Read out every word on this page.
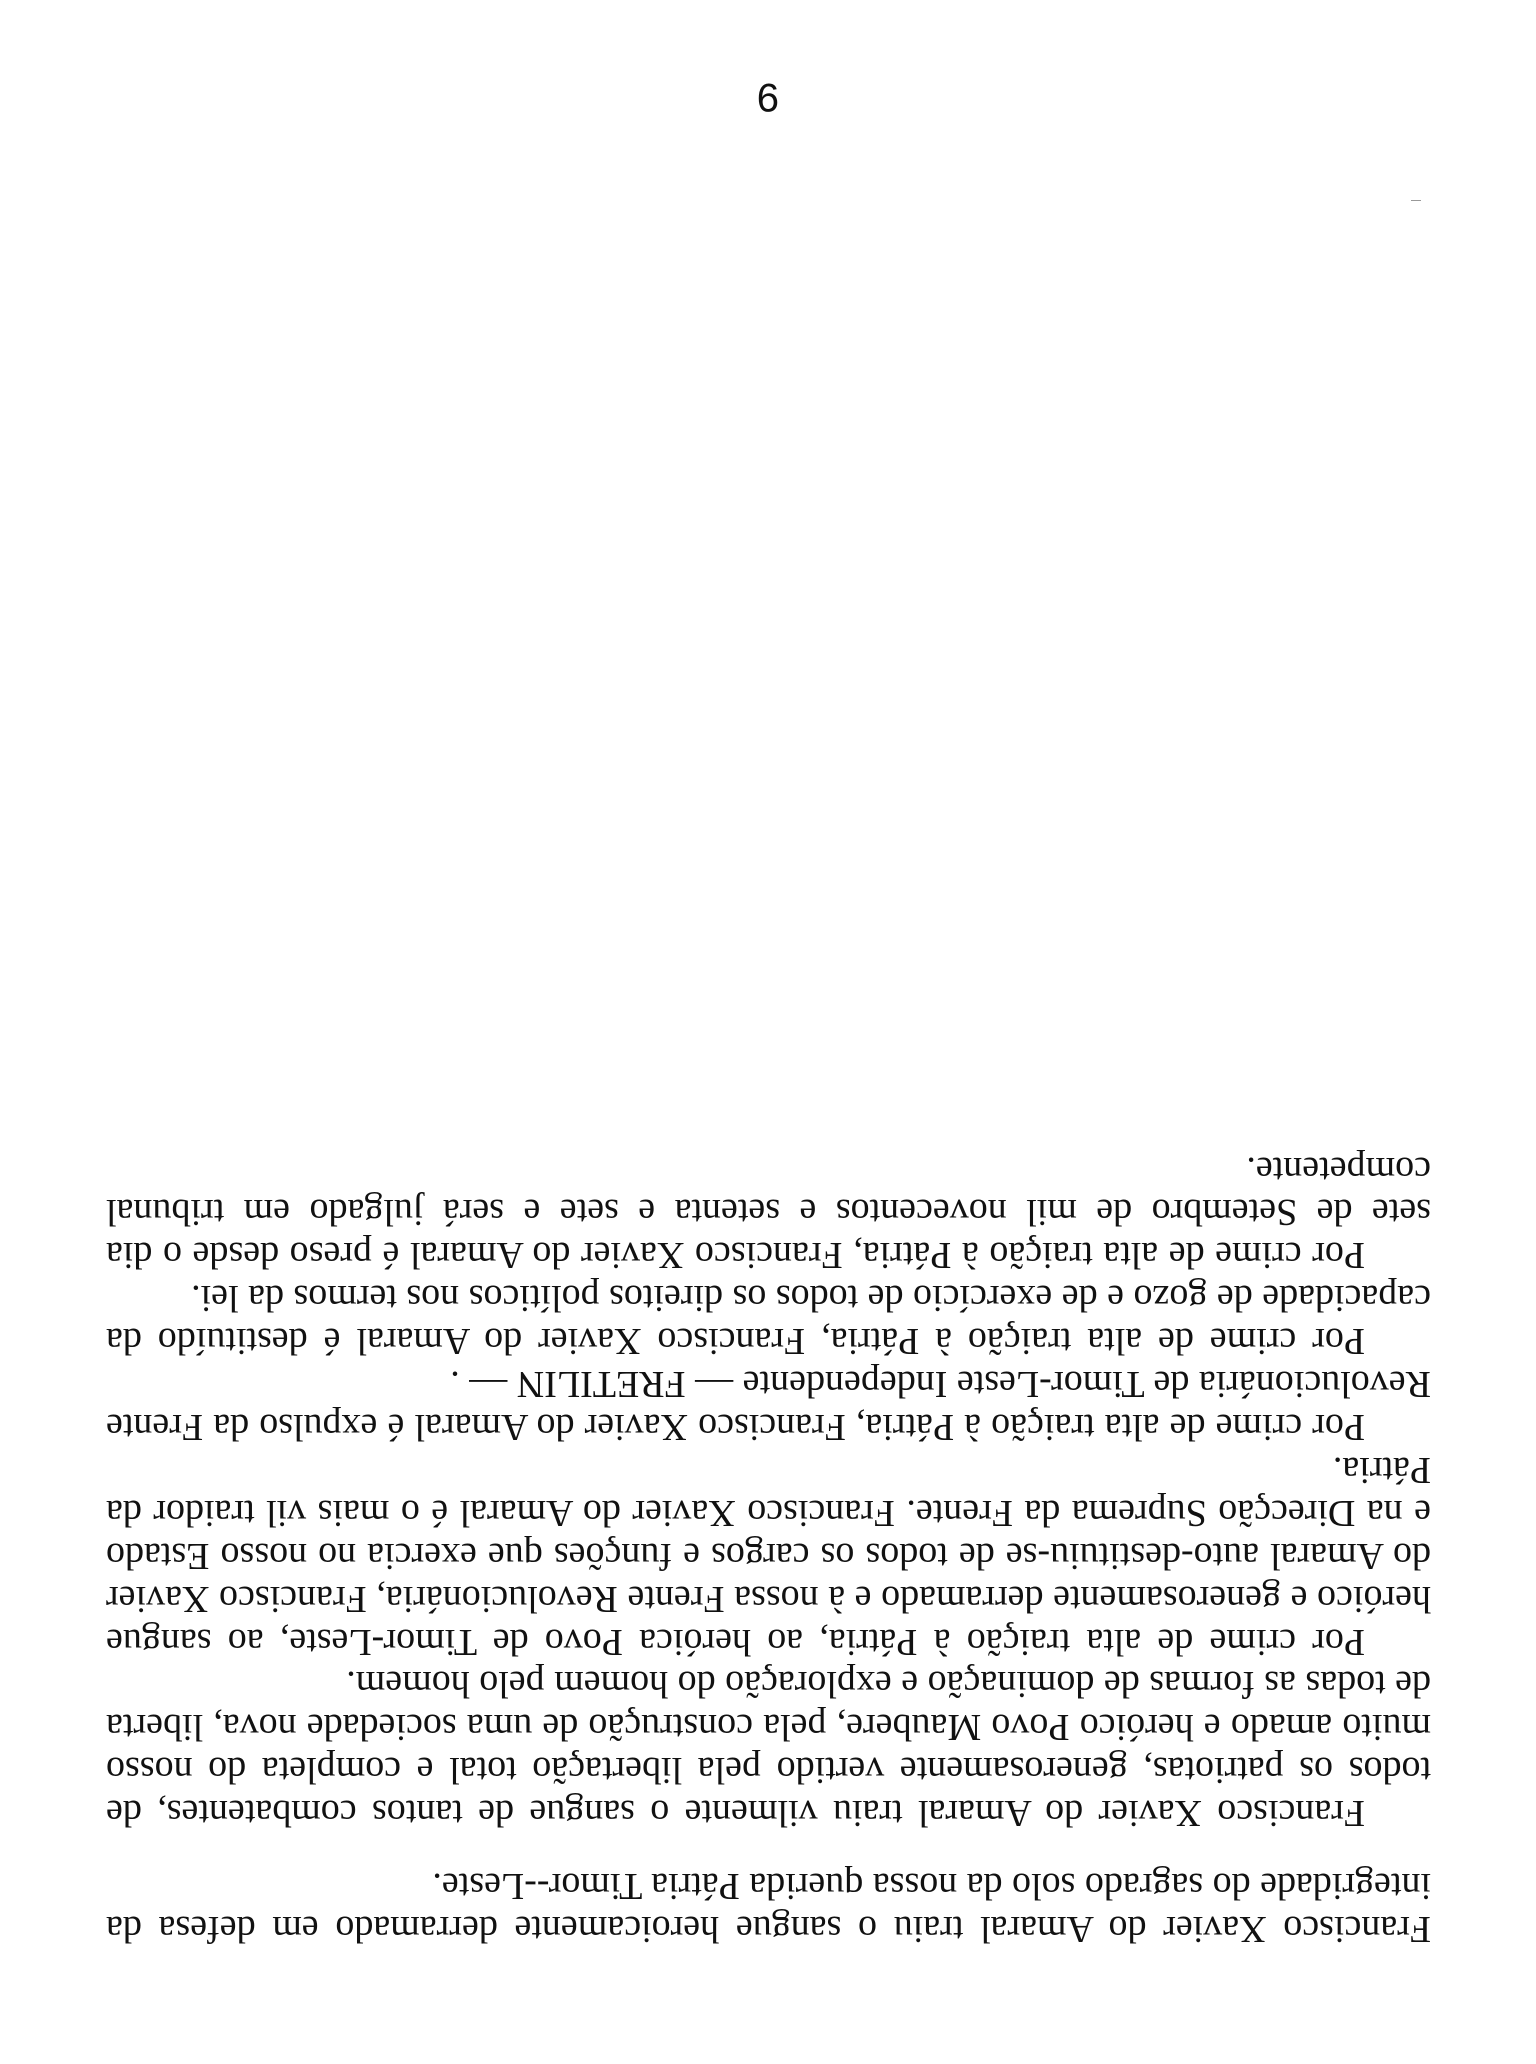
Francisco Xavier do Amaral traiu o sangue heroicamente derramado em defesa da integridade do sagrado solo da nossa querida Pátria Timor--Leste.

Francisco Xavier do Amaral traiu vilmente o sangue de tantos combatentes, de todos os patriotas, generosamente vertido pela libertação total e completa do nosso muito amado e heróico Povo Maubere, pela construção de uma sociedade nova, liberta de todas as formas de dominação e exploração do homem pelo homem.

Por crime de alta traição à Pátria, ao heróica Povo de Timor-Leste, ao sangue heróico e generosamente derramado e à nossa Frente Revolucionária, Francisco Xavier do Amaral auto-destituiu-se de todos os cargos e funções que exercia no nosso Estado e na Direcção Suprema da Frente. Francisco Xavier do Amaral é o mais vil traidor da Pátria.

Por crime de alta traição à Pátria, Francisco Xavier do Amaral é expulso da Frente Revolucionária de Timor-Leste Independente — FRETILIN — .

Por crime de alta traição à Pátria, Francisco Xavier do Amaral é destituído da capacidade de gozo e de exercício de todos os direitos políticos nos termos da lei.

Por crime de alta traição à Pátria, Francisco Xavier do Amaral é preso desde o dia sete de Setembro de mil novecentos e setenta e sete e será julgado em tribunal competente.

9
